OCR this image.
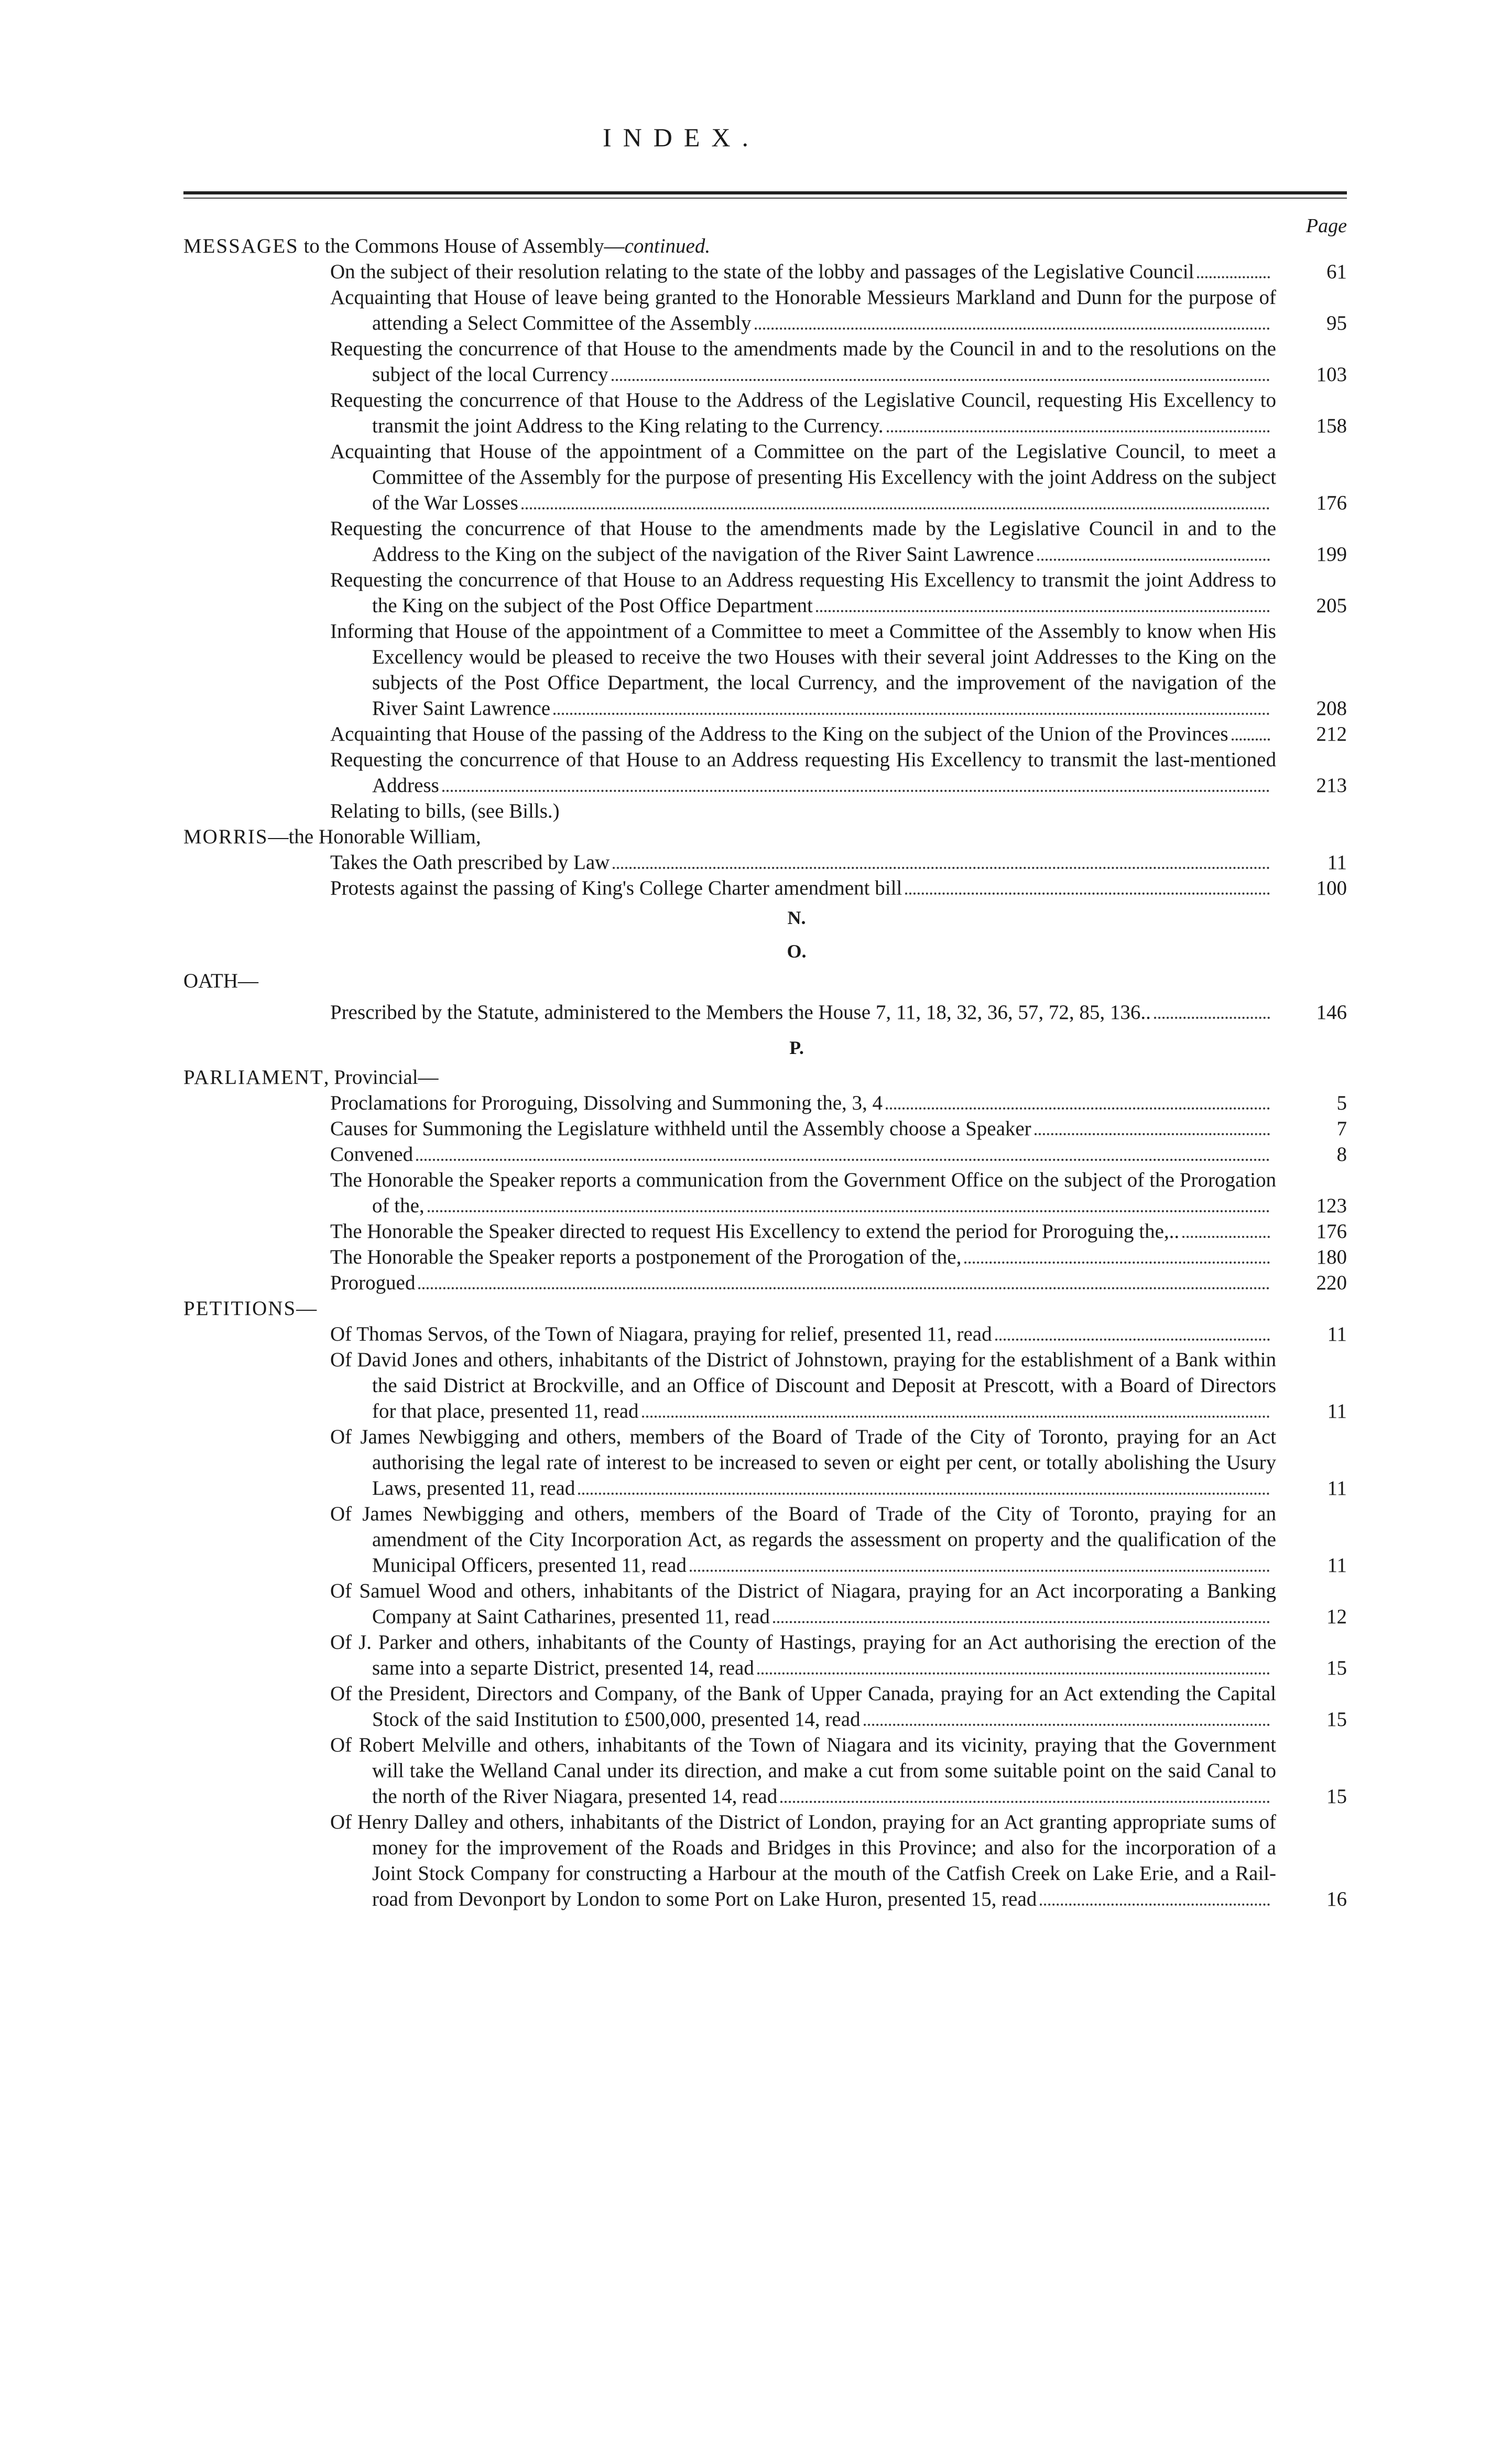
INDEX.
Page
MESSAGES to the Commons House of Assembly—continued.
On the subject of their resolution relating to the state of the lobby and passages of the Legislative Council	61
Acquainting that House of leave being granted to the Honorable Messieurs Markland and Dunn for the purpose of attending a Select Committee of the Assembly	95
Requesting the concurrence of that House to the amendments made by the Council in and to the resolutions on the subject of the local Currency	103
Requesting the concurrence of that House to the Address of the Legislative Council, requesting His Excellency to transmit the joint Address to the King relating to the Currency.	158
Acquainting that House of the appointment of a Committee on the part of the Legislative Council, to meet a Committee of the Assembly for the purpose of presenting His Excellency with the joint Address on the subject of the War Losses	176
Requesting the concurrence of that House to the amendments made by the Legislative Council in and to the Address to the King on the subject of the navigation of the River Saint Lawrence	199
Requesting the concurrence of that House to an Address requesting His Excellency to transmit the joint Address to the King on the subject of the Post Office Department	205
Informing that House of the appointment of a Committee to meet a Committee of the Assembly to know when His Excellency would be pleased to receive the two Houses with their several joint Addresses to the King on the subjects of the Post Office Department, the local Currency, and the improvement of the navigation of the River Saint Lawrence	208
Acquainting that House of the passing of the Address to the King on the subject of the Union of the Provinces	212
Requesting the concurrence of that House to an Address requesting His Excellency to transmit the last-mentioned Address	213
Relating to bills, (see Bills.)
MORRIS—the Honorable William,
Takes the Oath prescribed by Law	11
Protests against the passing of King's College Charter amendment bill	100
N.
O.
OATH—
Prescribed by the Statute, administered to the Members the House 7, 11, 18, 32, 36, 57, 72, 85, 136..	146
P.
PARLIAMENT, Provincial—
Proclamations for Proroguing, Dissolving and Summoning the, 3, 4	5
Causes for Summoning the Legislature withheld until the Assembly choose a Speaker	7
Convened	8
The Honorable the Speaker reports a communication from the Government Office on the subject of the Prorogation of the,	123
The Honorable the Speaker directed to request His Excellency to extend the period for Proroguing the,..	176
The Honorable the Speaker reports a postponement of the Prorogation of the,	180
Prorogued	220
PETITIONS—
Of Thomas Servos, of the Town of Niagara, praying for relief, presented 11, read	11
Of David Jones and others, inhabitants of the District of Johnstown, praying for the establishment of a Bank within the said District at Brockville, and an Office of Discount and Deposit at Prescott, with a Board of Directors for that place, presented 11, read	11
Of James Newbigging and others, members of the Board of Trade of the City of Toronto, praying for an Act authorising the legal rate of interest to be increased to seven or eight per cent, or totally abolishing the Usury Laws, presented 11, read	11
Of James Newbigging and others, members of the Board of Trade of the City of Toronto, praying for an amendment of the City Incorporation Act, as regards the assessment on property and the qualification of the Municipal Officers, presented 11, read	11
Of Samuel Wood and others, inhabitants of the District of Niagara, praying for an Act incorporating a Banking Company at Saint Catharines, presented 11, read	12
Of J. Parker and others, inhabitants of the County of Hastings, praying for an Act authorising the erection of the same into a separte District, presented 14, read	15
Of the President, Directors and Company, of the Bank of Upper Canada, praying for an Act extending the Capital Stock of the said Institution to £500,000, presented 14, read	15
Of Robert Melville and others, inhabitants of the Town of Niagara and its vicinity, praying that the Government will take the Welland Canal under its direction, and make a cut from some suitable point on the said Canal to the north of the River Niagara, presented 14, read	15
Of Henry Dalley and others, inhabitants of the District of London, praying for an Act granting appropriate sums of money for the improvement of the Roads and Bridges in this Province; and also for the incorporation of a Joint Stock Company for constructing a Harbour at the mouth of the Catfish Creek on Lake Erie, and a Rail-road from Devonport by London to some Port on Lake Huron, presented 15, read	16
